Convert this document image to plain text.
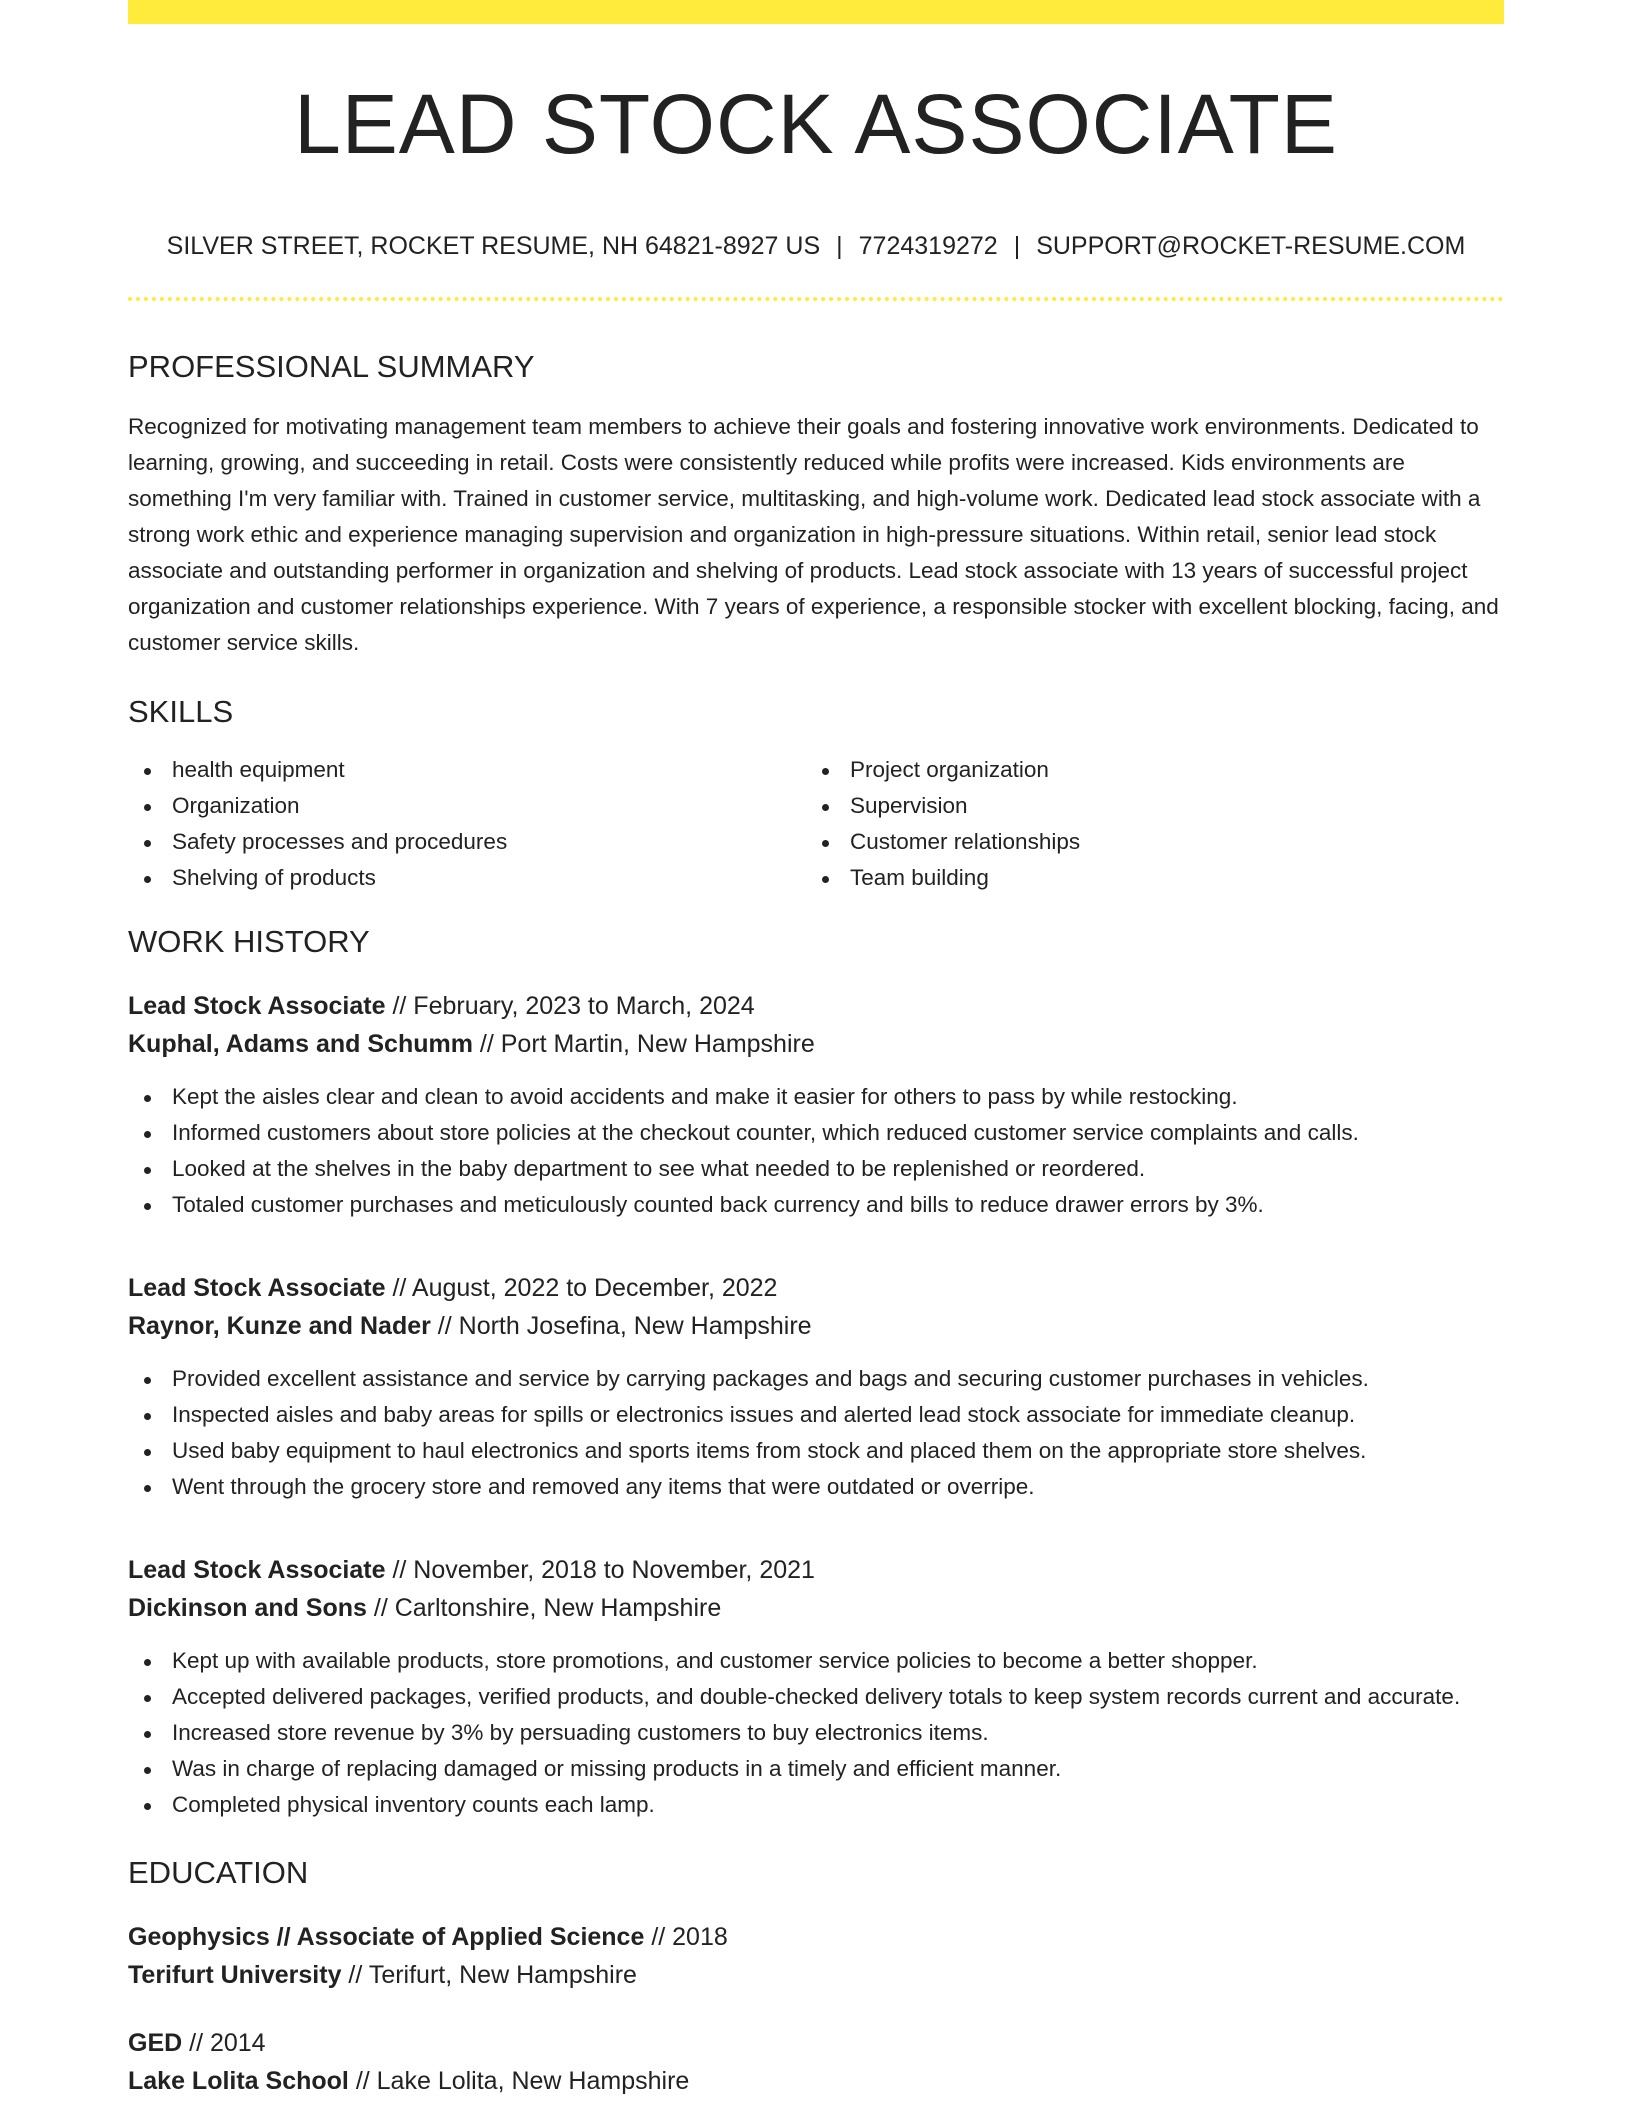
LEAD STOCK ASSOCIATE
SILVER STREET, ROCKET RESUME, NH 64821-8927 US | 7724319272 | SUPPORT@ROCKET-RESUME.COM
PROFESSIONAL SUMMARY

Recognized for motivating management team members to achieve their goals and fostering innovative work environments. Dedicated to learning, growing, and succeeding in retail. Costs were consistently reduced while profits were increased. Kids environments are something I'm very familiar with. Trained in customer service, multitasking, and high-volume work. Dedicated lead stock associate with a strong work ethic and experience managing supervision and organization in high-pressure situations. Within retail, senior lead stock associate and outstanding performer in organization and shelving of products. Lead stock associate with 13 years of successful project organization and customer relationships experience. With 7 years of experience, a responsible stocker with excellent blocking, facing, and customer service skills.

SKILLS
health equipment
Organization
Safety processes and procedures
Shelving of products
Project organization
Supervision
Customer relationships
Team building
WORK HISTORY
Lead Stock Associate // February, 2023 to March, 2024
Kuphal, Adams and Schumm // Port Martin, New Hampshire
Kept the aisles clear and clean to avoid accidents and make it easier for others to pass by while restocking.
Informed customers about store policies at the checkout counter, which reduced customer service complaints and calls.
Looked at the shelves in the baby department to see what needed to be replenished or reordered.
Totaled customer purchases and meticulously counted back currency and bills to reduce drawer errors by 3%.
Lead Stock Associate // August, 2022 to December, 2022
Raynor, Kunze and Nader // North Josefina, New Hampshire
Provided excellent assistance and service by carrying packages and bags and securing customer purchases in vehicles.
Inspected aisles and baby areas for spills or electronics issues and alerted lead stock associate for immediate cleanup.
Used baby equipment to haul electronics and sports items from stock and placed them on the appropriate store shelves.
Went through the grocery store and removed any items that were outdated or overripe.
Lead Stock Associate // November, 2018 to November, 2021
Dickinson and Sons // Carltonshire, New Hampshire
Kept up with available products, store promotions, and customer service policies to become a better shopper.
Accepted delivered packages, verified products, and double-checked delivery totals to keep system records current and accurate.
Increased store revenue by 3% by persuading customers to buy electronics items.
Was in charge of replacing damaged or missing products in a timely and efficient manner.
Completed physical inventory counts each lamp.
EDUCATION
Geophysics // Associate of Applied Science // 2018
Terifurt University // Terifurt, New Hampshire
GED // 2014
Lake Lolita School // Lake Lolita, New Hampshire
